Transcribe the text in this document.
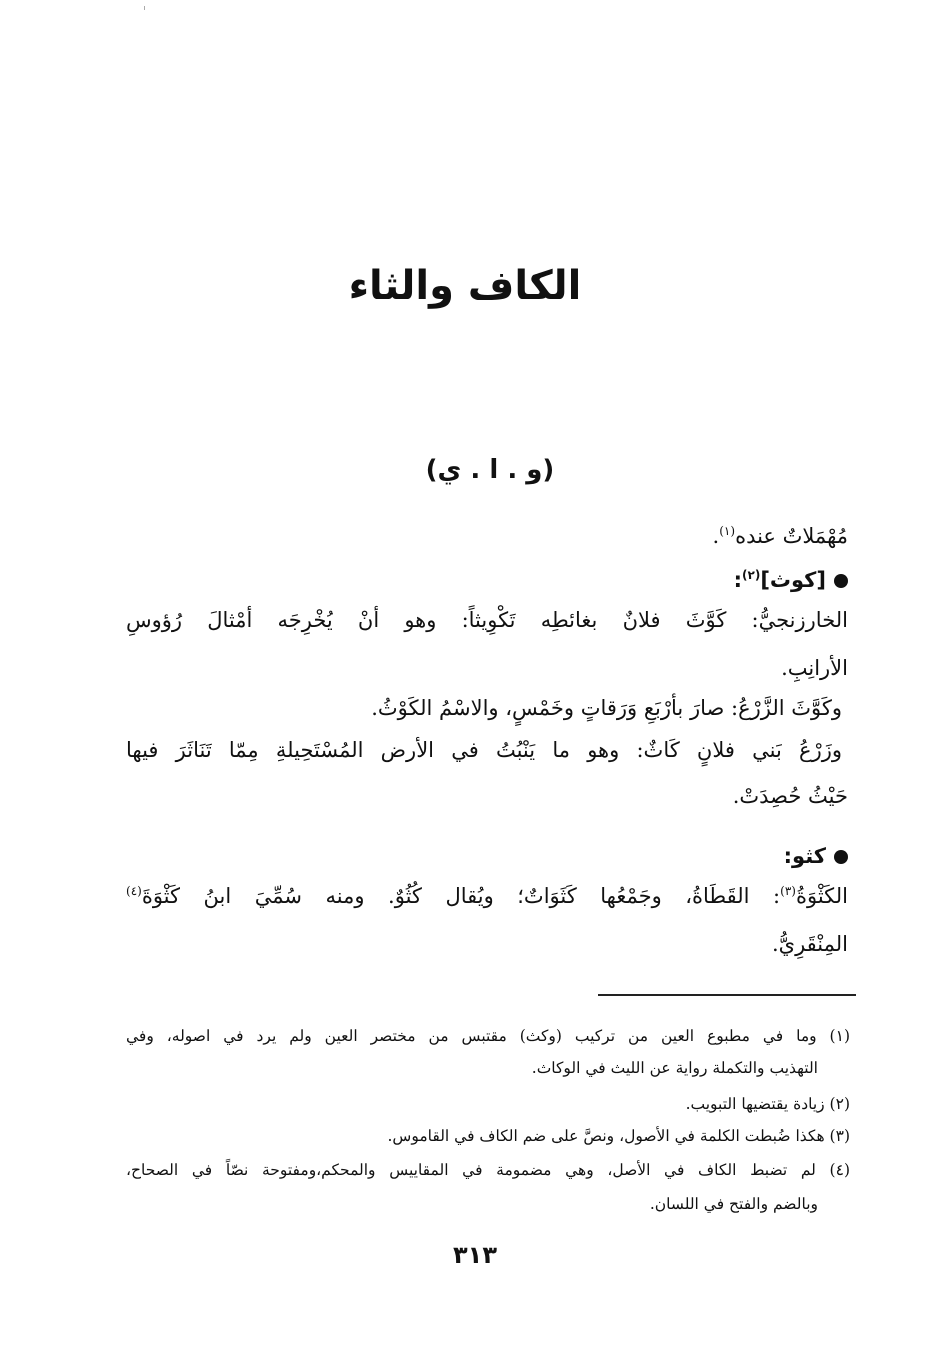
الكاف والثاء
(و . ا . ي)
مُهْمَلاتٌ عنده$^{(١)}$.
[كوث]$^{(٢)}$:
الخارزنجيُّ: كَوَّثَ فلانٌ بغائطِه تَكْوِيثاً: وهو أنْ يُخْرِجَه أمْثالَ رُؤوسِ
الأرانِبِ.
وكَوَّثَ الزَّرْعُ: صارَ بأرْبَعِ وَرَقاتٍ وخَمْسٍ، والاسْمُ الكَوْثُ.
وزَرْعُ بَني فلانٍ كَاثٌ: وهو ما يَنْبُتُ في الأرض المُسْتَحِيلةِ مِمّا تَنَاثَرَ فيها
حَيْثُ حُصِدَتْ.
كثو:
الكَثْوَةُ$^{(٣)}$: القَطَاةُ، وجَمْعُها كَثَوَاتٌ؛ ويُقال كُثُوٌ. ومنه سُمِّيَ ابنُ كَثْوَةَ$^{(٤)}$
المِنْقَرِيُّ.
(١) وما في مطبوع العين من تركيب (وكث) مقتبس من مختصر العين ولم يرد في اصوله، وفي
التهذيب والتكملة رواية عن الليث في الوكاث.
(٢) زيادة يقتضيها التبويب.
(٣) هكذا ضُبطت الكلمة في الأصول، ونصَّ على ضم الكاف في القاموس.
(٤) لم تضبط الكاف في الأصل، وهي مضمومة في المقاييس والمحكم،ومفتوحة نصّاً في الصحاح،
وبالضم والفتح في اللسان.
٣١٣
